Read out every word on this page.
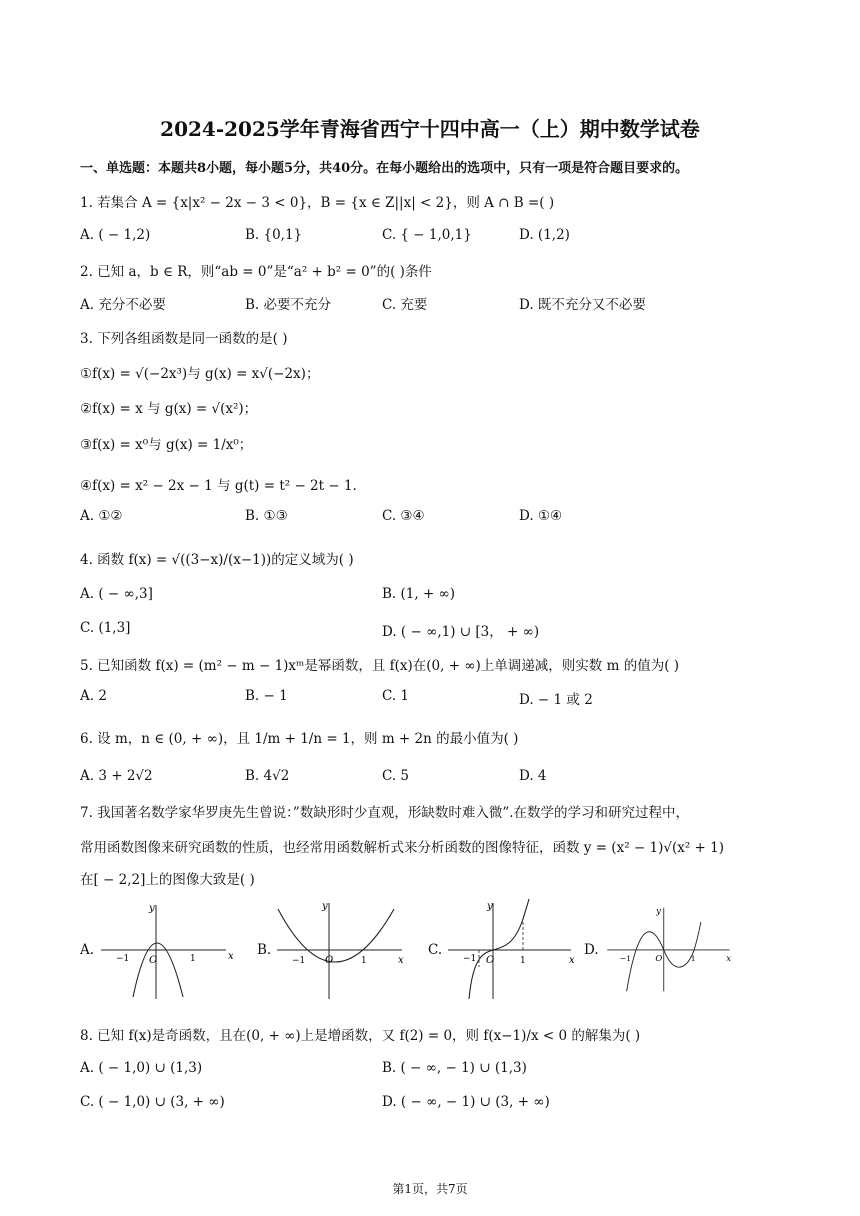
2024-2025学年青海省西宁十四中高一（上）期中数学试卷
一、单选题：本题共8小题，每小题5分，共40分。在每小题给出的选项中，只有一项是符合题目要求的。
1. 若集合 A = {x|x² − 2x − 3 < 0}，B = {x ∈ Z||x| < 2}，则 A ∩ B =( )
A. ( − 1,2)	B. {0,1}	C. { − 1,0,1}	D. (1,2)
2. 已知 a，b ∈ R，则“ab = 0”是“a² + b² = 0”的( )条件
A. 充分不必要	B. 必要不充分	C. 充要	D. 既不充分又不必要
3. 下列各组函数是同一函数的是( )
①f(x) = √(−2x³)与 g(x) = x√(−2x)；
②f(x) = x 与 g(x) = √(x²)；
③f(x) = x⁰与 g(x) = 1/x⁰；
④f(x) = x² − 2x − 1 与 g(t) = t² − 2t − 1.
A. ①②	B. ①③	C. ③④	D. ①④
4. 函数 f(x) = √((3−x)/(x−1))的定义域为( )
A. ( − ∞,3]	B. (1, + ∞)
C. (1,3]	D. ( − ∞,1) ∪ [3， + ∞)
5. 已知函数 f(x) = (m² − m − 1)xᵐ是幂函数，且 f(x)在(0, + ∞)上单调递减，则实数 m 的值为( )
A. 2	B. − 1	C. 1	D. − 1 或 2
6. 设 m，n ∈ (0, + ∞)，且 1/m + 1/n = 1，则 m + 2n 的最小值为( )
A. 3 + 2√2	B. 4√2	C. 5	D. 4
7. 我国著名数学家华罗庚先生曾说：”数缺形时少直观，形缺数时难入微”.在数学的学习和研究过程中，
常用函数图像来研究函数的性质，也经常用函数解析式来分析函数的图像特征，函数 y = (x² − 1)√(x² + 1)
在[ − 2,2]上的图像大致是( )
A.	B.	C.	D.
y
x
O
−1	1
y
x
O
−1	1
y
x
O
−1	1
y
x
O
−1	1
8. 已知 f(x)是奇函数，且在(0, + ∞)上是增函数，又 f(2) = 0，则 f(x−1)/x < 0 的解集为( )
A. ( − 1,0) ∪ (1,3)	B. ( − ∞, − 1) ∪ (1,3)
C. ( − 1,0) ∪ (3, + ∞)	D. ( − ∞, − 1) ∪ (3, + ∞)
第1页，共7页
